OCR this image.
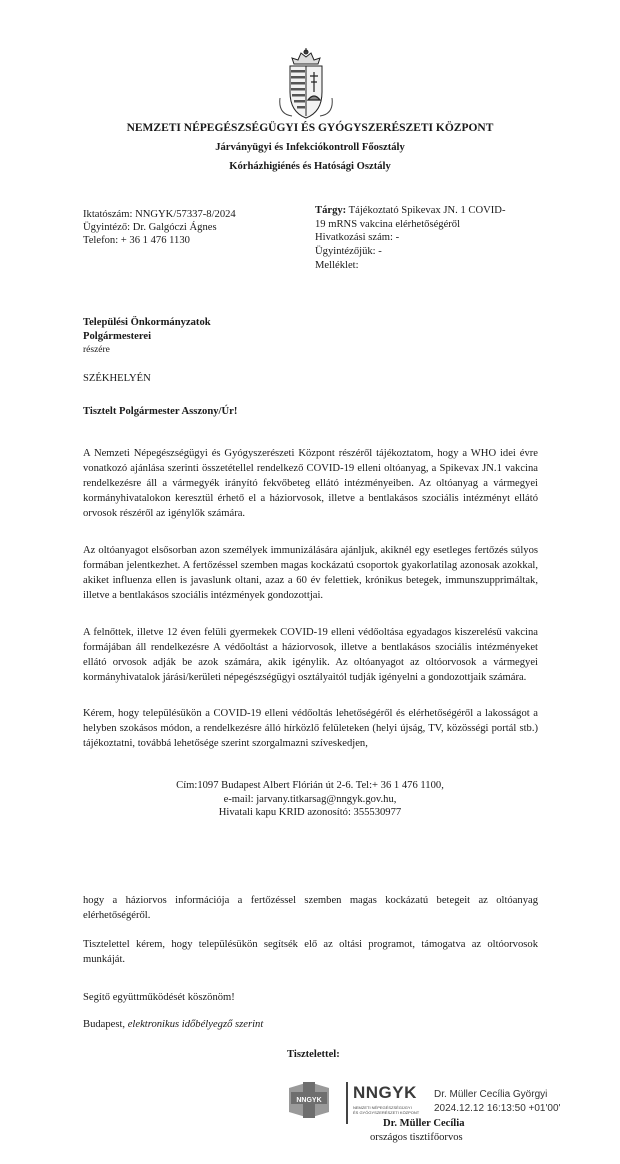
NEMZETI NÉPEGÉSZSÉGÜGYI ÉS GYÓGYSZERÉSZETI KÖZPONT
Járványügyi és Infekciókontroll Főosztály
Kórházhigiénés és Hatósági Osztály
Iktatószám: NNGYK/57337-8/2024
Ügyintéző: Dr. Galgóczi Ágnes
Telefon: + 36 1 476 1130
Tárgy: Tájékoztató Spikevax JN. 1 COVID-
19 mRNS vakcina elérhetőségéről
Hivatkozási szám: -
Ügyintézőjük: -
Melléklet:
Települési Önkormányzatok
Polgármesterei
részére
SZÉKHELYÉN
Tisztelt Polgármester Asszony/Úr!
A Nemzeti Népegészségügyi és Gyógyszerészeti Központ részéről tájékoztatom, hogy a WHO idei évre vonatkozó ajánlása szerinti összetétellel rendelkező COVID-19 elleni oltóanyag, a Spikevax JN.1 vakcina rendelkezésre áll a vármegyék irányító fekvőbeteg ellátó intézményeiben. Az oltóanyag a vármegyei kormányhivatalokon keresztül érhető el a háziorvosok, illetve a bentlakásos szociális intézményt ellátó orvosok részéről az igénylők számára.
Az oltóanyagot elsősorban azon személyek immunizálására ajánljuk, akiknél egy esetleges fertőzés súlyos formában jelentkezhet. A fertőzéssel szemben magas kockázatú csoportok gyakorlatilag azonosak azokkal, akiket influenza ellen is javaslunk oltani, azaz a 60 év felettiek, krónikus betegek, immunszupprimáltak, illetve a bentlakásos szociális intézmények gondozottjai.
A felnőttek, illetve 12 éven felüli gyermekek COVID-19 elleni védőoltása egyadagos kiszerelésű vakcina formájában áll rendelkezésre A védőoltást a háziorvosok, illetve a bentlakásos szociális intézményeket ellátó orvosok adják be azok számára, akik igénylik. Az oltóanyagot az oltóorvosok a vármegyei kormányhivatalok járási/kerületi népegészségügyi osztályaitól tudják igényelni a gondozottjaik számára.
Kérem, hogy településükön a COVID-19 elleni védőoltás lehetőségéről és elérhetőségéről a lakosságot a helyben szokásos módon, a rendelkezésre álló hírközlő felületeken (helyi újság, TV, közösségi portál stb.) tájékoztatni, továbbá lehetősége szerint szorgalmazni szíveskedjen,
Cím:1097 Budapest Albert Flórián út 2-6. Tel:+ 36 1 476 1100,
e-mail: jarvany.titkarsag@nngyk.gov.hu,
Hivatali kapu KRID azonosító: 355530977
hogy a háziorvos információja a fertőzéssel szemben magas kockázatú betegeit az oltóanyag elérhetőségéről.
Tisztelettel kérem, hogy településükön segítsék elő az oltási programot, támogatva az oltóorvosok munkáját.
Segítő együttműködését köszönöm!
Budapest, elektronikus időbélyegző szerint
Tisztelettel:
NNGYK NNGYK
NEMZETI NÉPEGÉSZSÉGÜGYI
ÉS GYÓGYSZERÉSZETI KÖZPONT
Dr. Müller Cecília Györgyi
2024.12.12 16:13:50 +01'00'
Dr. Müller Cecília
országos tisztifőorvos
